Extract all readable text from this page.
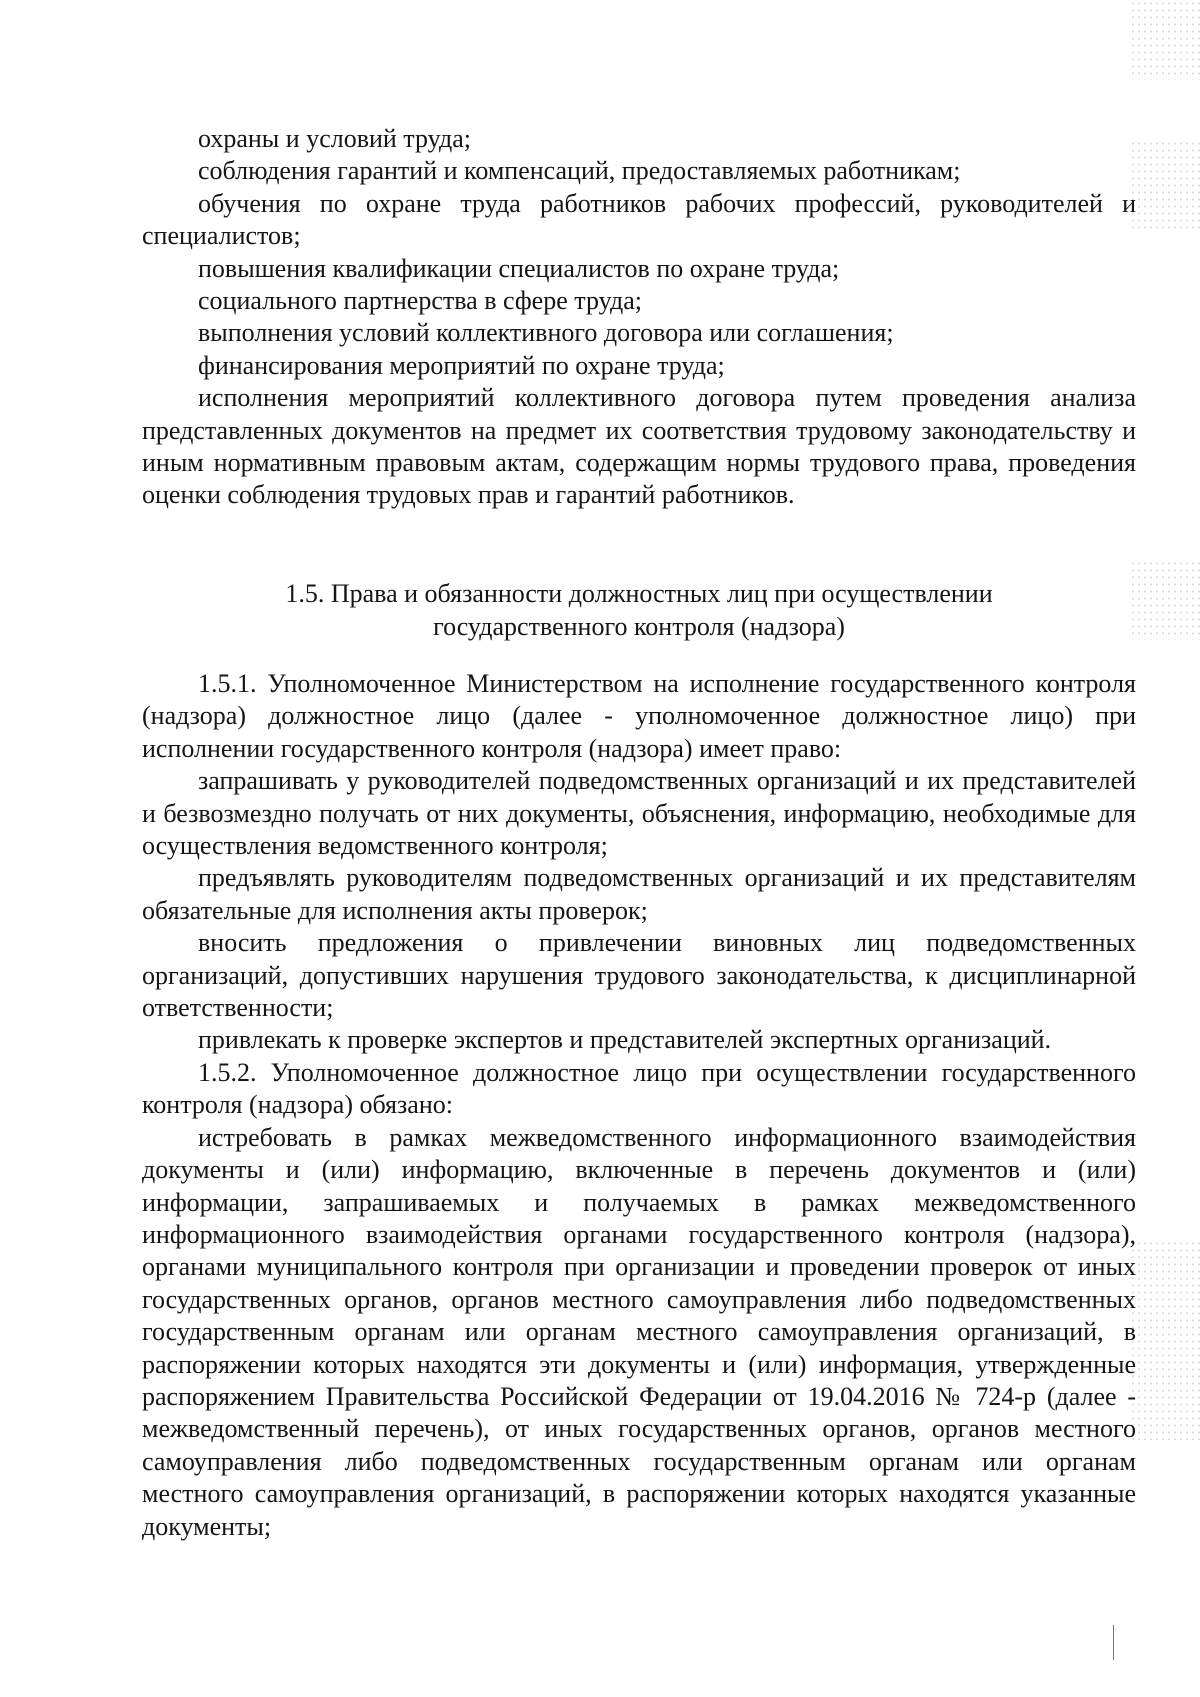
охраны и условий труда;

соблюдения гарантий и компенсаций, предоставляемых работникам;

обучения по охране труда работников рабочих профессий, руководителей и специалистов;

повышения квалификации специалистов по охране труда;

социального партнерства в сфере труда;

выполнения условий коллективного договора или соглашения;

финансирования мероприятий по охране труда;

исполнения мероприятий коллективного договора путем проведения анализа представленных документов на предмет их соответствия трудовому законодательству и иным нормативным правовым актам, содержащим нормы трудового права, проведения оценки соблюдения трудовых прав и гарантий работников.

1.5. Права и обязанности должностных лиц при осуществлении
государственного контроля (надзора)

1.5.1. Уполномоченное Министерством на исполнение государственного контроля (надзора) должностное лицо (далее - уполномоченное должностное лицо) при исполнении государственного контроля (надзора) имеет право:

запрашивать у руководителей подведомственных организаций и их представителей и безвозмездно получать от них документы, объяснения, информацию, необходимые для осуществления ведомственного контроля;

предъявлять руководителям подведомственных организаций и их представителям обязательные для исполнения акты проверок;

вносить предложения о привлечении виновных лиц подведомственных организаций, допустивших нарушения трудового законодательства, к дисциплинарной ответственности;

привлекать к проверке экспертов и представителей экспертных организаций.

1.5.2. Уполномоченное должностное лицо при осуществлении государственного контроля (надзора) обязано:

истребовать в рамках межведомственного информационного взаимодействия документы и (или) информацию, включенные в перечень документов и (или) информации, запрашиваемых и получаемых в рамках межведомственного информационного взаимодействия органами государственного контроля (надзора), органами муниципального контроля при организации и проведении проверок от иных государственных органов, органов местного самоуправления либо подведомственных государственным органам или органам местного самоуправления организаций, в распоряжении которых находятся эти документы и (или) информация, утвержденные распоряжением Правительства Российской Федерации от 19.04.2016 № 724-р (далее - межведомственный перечень), от иных государственных органов, органов местного самоуправления либо подведомственных государственным органам или органам местного самоуправления организаций, в распоряжении которых находятся указанные документы;
